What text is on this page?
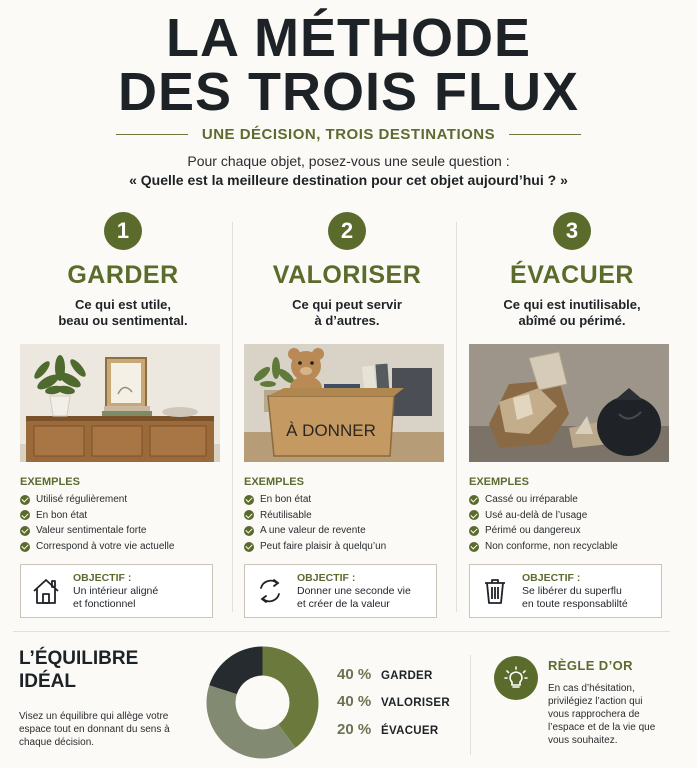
LA MÉTHODE
DES TROIS FLUX
UNE DÉCISION, TROIS DESTINATIONS
Pour chaque objet, posez-vous une seule question :
« Quelle est la meilleure destination pour cet objet aujourd’hui ? »
1
GARDER
Ce qui est utile,
beau ou sentimental.
EXEMPLES
Utilisé régulièrement
En bon état
Valeur sentimentale forte
Correspond à votre vie actuelle
OBJECTIF :
Un intérieur aligné
et fonctionnel
2
VALORISER
Ce qui peut servir
à d’autres.
À DONNER
EXEMPLES
En bon état
Réutilisable
A une valeur de revente
Peut faire plaisir à quelqu’un
OBJECTIF :
Donner une seconde vie
et créer de la valeur
3
ÉVACUER
Ce qui est inutilisable,
abîmé ou périmé.
EXEMPLES
Cassé ou irréparable
Usé au-delà de l’usage
Périmé ou dangereux
Non conforme, non recyclable
OBJECTIF :
Se libérer du superflu
en toute responsablilté
L’ÉQUILIBRE
IDÉAL
Visez un équilibre qui allège votre espace tout en donnant du sens à chaque décision.
40 % GARDER
40 % VALORISER
20 % ÉVACUER
RÈGLE D’OR
En cas d’hésitation, privilégiez l’action qui vous rapprochera de l’espace et de la vie que vous souhaitez.
